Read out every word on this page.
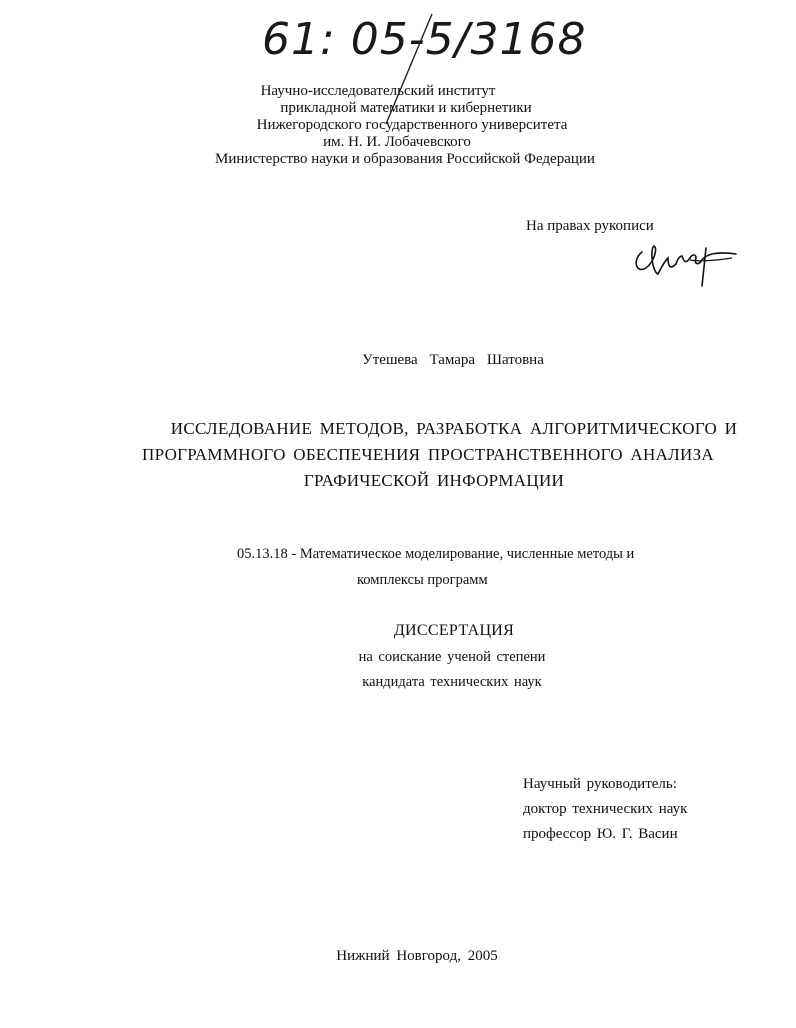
61: 05-5/3168
Научно-исследовательский институт
прикладной математики и кибернетики
Нижегородского государственного университета
им. Н. И. Лобачевского
Министерство науки и образования Российской Федерации
На правах рукописи
Утешева Тамара Шатовна
ИССЛЕДОВАНИЕ МЕТОДОВ, РАЗРАБОТКА АЛГОРИТМИЧЕСКОГО И
ПРОГРАММНОГО ОБЕСПЕЧЕНИЯ ПРОСТРАНСТВЕННОГО АНАЛИЗА
ГРАФИЧЕСКОЙ ИНФОРМАЦИИ
05.13.18 - Математическое моделирование, численные методы и
комплексы программ
ДИССЕРТАЦИЯ
на соискание ученой степени
кандидата технических наук
Научный руководитель:
доктор технических наук
профессор Ю. Г. Васин
Нижний Новгород, 2005
